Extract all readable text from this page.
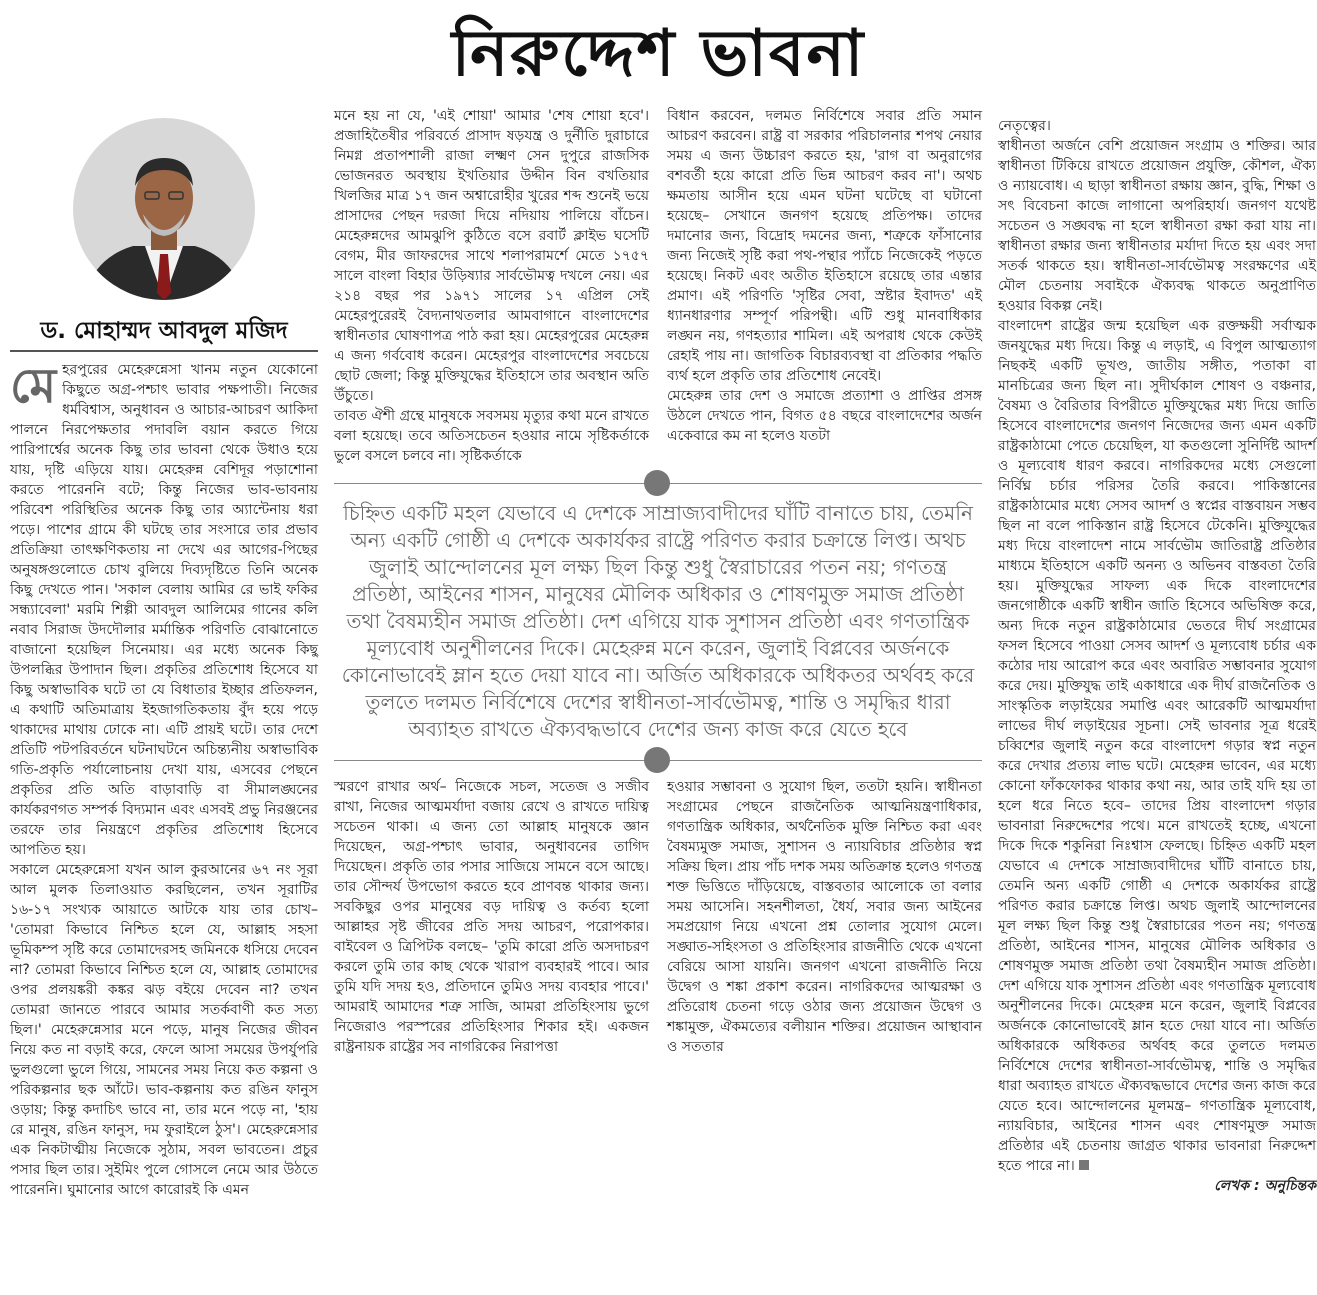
নিরুদ্দেশ ভাবনা
ড. মোহাম্মদ আবদুল মজিদ

মেহরপুরের মেহেরুন্নেসা খানম নতুন যেকোনো কিছুতে অগ্র-পশ্চাৎ ভাবার পক্ষপাতী। নিজের ধর্মবিশ্বাস, অনুধাবন ও আচার-আচরণ আকিদা পালনে নিরপেক্ষতার পদাবলি বয়ান করতে গিয়ে পারিপার্শ্বের অনেক কিছু তার ভাবনা থেকে উধাও হয়ে যায়, দৃষ্টি এড়িয়ে যায়। মেহেরুন্ন বেশিদূর পড়াশোনা করতে পারেননি বটে; কিন্তু নিজের ভাব-ভাবনায় পরিবেশ পরিস্থিতির অনেক কিছু তার অ্যান্টেনায় ধরা পড়ে। পাশের গ্রামে কী ঘটছে তার সংসারে তার প্রভাব প্রতিক্রিয়া তাৎক্ষণিকতায় না দেখে এর আগের-পিছের অনুষঙ্গগুলোতে চোখ বুলিয়ে দিব্যদৃষ্টিতে তিনি অনেক কিছু দেখতে পান। 'সকাল বেলায় আমির রে ভাই ফকির সন্ধ্যাবেলা' মরমি শিল্পী আবদুল আলিমের গানের কলি নবাব সিরাজ উদদৌলার মর্মান্তিক পরিণতি বোঝানোতে বাজানো হয়েছিল সিনেমায়। এর মধ্যে অনেক কিছু উপলব্ধির উপাদান ছিল। প্রকৃতির প্রতিশোধ হিসেবে যা কিছু অস্বাভাবিক ঘটে তা যে বিধাতার ইচ্ছার প্রতিফলন, এ কথাটি অতিমাত্রায় ইহজাগতিকতায় বুঁদ হয়ে পড়ে থাকাদের মাথায় ঢোকে না। এটি প্রায়ই ঘটে। তার দেশে প্রতিটি পটপরিবর্তনে ঘটনাঘটনে অচিন্ত্যনীয় অস্বাভাবিক গতি-প্রকৃতি পর্যালোচনায় দেখা যায়, এসবের পেছনে প্রকৃতির প্রতি অতি বাড়াবাড়ি বা সীমালঙ্ঘনের কার্যকরণগত সম্পর্ক বিদ্যমান এবং এসবই প্রভু নিরঞ্জনের তরফে তার নিয়ন্ত্রণে প্রকৃতির প্রতিশোধ হিসেবে আপতিত হয়।

সকালে মেহেরুন্নেসা যখন আল কুরআনের ৬৭ নং সূরা আল মুলক তিলাওয়াত করছিলেন, তখন সূরাটির ১৬-১৭ সংখ্যক আয়াতে আটকে যায় তার চোখ– 'তোমরা কিভাবে নিশ্চিত হলে যে, আল্লাহ সহসা ভূমিকম্প সৃষ্টি করে তোমাদেরসহ জমিনকে ধসিয়ে দেবেন না? তোমরা কিভাবে নিশ্চিত হলে যে, আল্লাহ তোমাদের ওপর প্রলয়ঙ্করী কঙ্কর ঝড় বইয়ে দেবেন না? তখন তোমরা জানতে পারবে আমার সতর্কবাণী কত সত্য ছিল।' মেহেরুন্নেসার মনে পড়ে, মানুষ নিজের জীবন নিয়ে কত না বড়াই করে, ফেলে আসা সময়ের উপর্যুপরি ভুলগুলো ভুলে গিয়ে, সামনের সময় নিয়ে কত কল্পনা ও পরিকল্পনার ছক আঁটে। ভাব-কল্পনায় কত রঙিন ফানুস ওড়ায়; কিন্তু কদাচিৎ ভাবে না, তার মনে পড়ে না, 'হায় রে মানুষ, রঙিন ফানুস, দম ফুরাইলে ঠুস'। মেহেরুন্নেসার এক নিকটাত্মীয় নিজেকে সুঠাম, সবল ভাবতেন। প্রচুর পসার ছিল তার। সুইমিং পুলে গোসলে নেমে আর উঠতে পারেননি। ঘুমানোর আগে কারোরই কি এমন

মনে হয় না যে, 'এই শোয়া' আমার 'শেষ শোয়া হবে'। প্রজাহিতৈষীর পরিবর্তে প্রাসাদ ষড়যন্ত্র ও দুর্নীতি দুরাচারে নিমগ্ন প্রতাপশালী রাজা লক্ষ্মণ সেন দুপুরে রাজসিক ভোজনরত অবস্থায় ইখতিয়ার উদ্দীন বিন বখতিয়ার খিলজির মাত্র ১৭ জন অশ্বারোহীর খুরের শব্দ শুনেই ভয়ে প্রাসাদের পেছন দরজা দিয়ে নদিয়ায় পালিয়ে বাঁচেন। মেহেরুন্নদের আমঝুপি কুঠিতে বসে রবার্ট ক্লাইভ ঘসেটি বেগম, মীর জাফরদের সাথে শলাপরামর্শে মেতে ১৭৫৭ সালে বাংলা বিহার উড়িষ্যার সার্বভৌমত্ব দখলে নেয়। এর ২১৪ বছর পর ১৯৭১ সালের ১৭ এপ্রিল সেই মেহেরপুরেরই বৈদ্যনাথতলার আমবাগানে বাংলাদেশের স্বাধীনতার ঘোষণাপত্র পাঠ করা হয়। মেহেরপুরের মেহেরুন্ন এ জন্য গর্ববোধ করেন। মেহেরপুর বাংলাদেশের সবচেয়ে ছোট জেলা; কিন্তু মুক্তিযুদ্ধের ইতিহাসে তার অবস্থান অতি উঁচুতে।

তাবত ঐশী গ্রন্থে মানুষকে সবসময় মৃত্যুর কথা মনে রাখতে বলা হয়েছে। তবে অতিসচেতন হওয়ার নামে সৃষ্টিকর্তাকে ভুলে বসলে চলবে না। সৃষ্টিকর্তাকে

বিধান করবেন, দলমত নির্বিশেষে সবার প্রতি সমান আচরণ করবেন। রাষ্ট্র বা সরকার পরিচালনার শপথ নেয়ার সময় এ জন্য উচ্চারণ করতে হয়, 'রাগ বা অনুরাগের বশবর্তী হয়ে কারো প্রতি ভিন্ন আচরণ করব না'। অথচ ক্ষমতায় আসীন হয়ে এমন ঘটনা ঘটেছে বা ঘটানো হয়েছে– সেখানে জনগণ হয়েছে প্রতিপক্ষ। তাদের দমানোর জন্য, বিদ্রোহ দমনের জন্য, শত্রুকে ফাঁসানোর জন্য নিজেই সৃষ্টি করা পথ-পন্থার প্যাঁচে নিজেকেই পড়তে হয়েছে। নিকট এবং অতীত ইতিহাসে রয়েছে তার এন্তার প্রমাণ। এই পরিণতি 'সৃষ্টির সেবা, স্রষ্টার ইবাদত' এই ধ্যানধারণার সম্পূর্ণ পরিপন্থী। এটি শুধু মানবাধিকার লঙ্ঘন নয়, গণহত্যার শামিল। এই অপরাধ থেকে কেউই রেহাই পায় না। জাগতিক বিচারব্যবস্থা বা প্রতিকার পদ্ধতি ব্যর্থ হলে প্রকৃতি তার প্রতিশোধ নেবেই।

মেহেরুন্ন তার দেশ ও সমাজে প্রত্যাশা ও প্রাপ্তির প্রসঙ্গ উঠলে দেখতে পান, বিগত ৫৪ বছরে বাংলাদেশের অর্জন একেবারে কম না হলেও যতটা

চিহ্নিত একটি মহল যেভাবে এ দেশকে সাম্রাজ্যবাদীদের ঘাঁটি বানাতে চায়, তেমনি অন্য একটি গোষ্ঠী এ দেশকে অকার্যকর রাষ্ট্রে পরিণত করার চক্রান্তে লিপ্ত। অথচ জুলাই আন্দোলনের মূল লক্ষ্য ছিল কিন্তু শুধু স্বৈরাচারের পতন নয়; গণতন্ত্র প্রতিষ্ঠা, আইনের শাসন, মানুষের মৌলিক অধিকার ও শোষণমুক্ত সমাজ প্রতিষ্ঠা তথা বৈষম্যহীন সমাজ প্রতিষ্ঠা। দেশ এগিয়ে যাক সুশাসন প্রতিষ্ঠা এবং গণতান্ত্রিক মূল্যবোধ অনুশীলনের দিকে। মেহেরুন্ন মনে করেন, জুলাই বিপ্লবের অর্জনকে কোনোভাবেই ম্লান হতে দেয়া যাবে না। অর্জিত অধিকারকে অধিকতর অর্থবহ করে তুলতে দলমত নির্বিশেষে দেশের স্বাধীনতা-সার্বভৌমত্ব, শান্তি ও সমৃদ্ধির ধারা অব্যাহত রাখতে ঐক্যবদ্ধভাবে দেশের জন্য কাজ করে যেতে হবে

স্মরণে রাখার অর্থ– নিজেকে সচল, সতেজ ও সজীব রাখা, নিজের আত্মমর্যাদা বজায় রেখে ও রাখতে দায়িত্ব সচেতন থাকা। এ জন্য তো আল্লাহ মানুষকে জ্ঞান দিয়েছেন, অগ্র-পশ্চাৎ ভাবার, অনুধাবনের তাগিদ দিয়েছেন। প্রকৃতি তার পসার সাজিয়ে সামনে বসে আছে। তার সৌন্দর্য উপভোগ করতে হবে প্রাণবন্ত থাকার জন্য। সবকিছুর ওপর মানুষের বড় দায়িত্ব ও কর্তব্য হলো আল্লাহর সৃষ্ট জীবের প্রতি সদয় আচরণ, পরোপকার। বাইবেল ও ত্রিপিটক বলছে– 'তুমি কারো প্রতি অসদাচরণ করলে তুমি তার কাছ থেকে খারাপ ব্যবহারই পাবে। আর তুমি যদি সদয় হও, প্রতিদানে তুমিও সদয় ব্যবহার পাবে।' আমরাই আমাদের শত্রু সাজি, আমরা প্রতিহিংসায় ভুগে নিজেরাও পরস্পরের প্রতিহিংসার শিকার হই। একজন রাষ্ট্রনায়ক রাষ্ট্রের সব নাগরিকের নিরাপত্তা

হওয়ার সম্ভাবনা ও সুযোগ ছিল, ততটা হয়নি। স্বাধীনতা সংগ্রামের পেছনে রাজনৈতিক আত্মনিয়ন্ত্রণাধিকার, গণতান্ত্রিক অধিকার, অর্থনৈতিক মুক্তি নিশ্চিত করা এবং বৈষম্যমুক্ত সমাজ, সুশাসন ও ন্যায়বিচার প্রতিষ্ঠার স্বপ্ন সক্রিয় ছিল। প্রায় পাঁচ দশক সময় অতিক্রান্ত হলেও গণতন্ত্র শক্ত ভিত্তিতে দাঁড়িয়েছে, বাস্তবতার আলোকে তা বলার সময় আসেনি। সহনশীলতা, ধৈর্য, সবার জন্য আইনের সমপ্রয়োগ নিয়ে এখনো প্রশ্ন তোলার সুযোগ মেলে। সঙ্ঘাত-সহিংসতা ও প্রতিহিংসার রাজনীতি থেকে এখনো বেরিয়ে আসা যায়নি। জনগণ এখনো রাজনীতি নিয়ে উদ্বেগ ও শঙ্কা প্রকাশ করেন। নাগরিকদের আত্মরক্ষা ও প্রতিরোধ চেতনা গড়ে ওঠার জন্য প্রয়োজন উদ্বেগ ও শঙ্কামুক্ত, ঐকমত্যের বলীয়ান শক্তির। প্রয়োজন আস্থাবান ও সততার

নেতৃত্বের।

স্বাধীনতা অর্জনে বেশি প্রয়োজন সংগ্রাম ও শক্তির। আর স্বাধীনতা টিকিয়ে রাখতে প্রয়োজন প্রযুক্তি, কৌশল, ঐক্য ও ন্যায়বোধ। এ ছাড়া স্বাধীনতা রক্ষায় জ্ঞান, বুদ্ধি, শিক্ষা ও সৎ বিবেচনা কাজে লাগানো অপরিহার্য। জনগণ যথেষ্ট সচেতন ও সঙ্ঘবদ্ধ না হলে স্বাধীনতা রক্ষা করা যায় না। স্বাধীনতা রক্ষার জন্য স্বাধীনতার মর্যাদা দিতে হয় এবং সদা সতর্ক থাকতে হয়। স্বাধীনতা-সার্বভৌমত্ব সংরক্ষণের এই মৌল চেতনায় সবাইকে ঐক্যবদ্ধ থাকতে অনুপ্রাণিত হওয়ার বিকল্প নেই।

বাংলাদেশ রাষ্ট্রের জন্ম হয়েছিল এক রক্তক্ষয়ী সর্বাত্মক জনযুদ্ধের মধ্য দিয়ে। কিন্তু এ লড়াই, এ বিপুল আত্মত্যাগ নিছকই একটি ভূখণ্ড, জাতীয় সঙ্গীত, পতাকা বা মানচিত্রের জন্য ছিল না। সুদীর্ঘকাল শোষণ ও বঞ্চনার, বৈষম্য ও বৈরিতার বিপরীতে মুক্তিযুদ্ধের মধ্য দিয়ে জাতি হিসেবে বাংলাদেশের জনগণ নিজেদের জন্য এমন একটি রাষ্ট্রকাঠামো পেতে চেয়েছিল, যা কতগুলো সুনির্দিষ্ট আদর্শ ও মূল্যবোধ ধারণ করবে। নাগরিকদের মধ্যে সেগুলো নির্বিঘ্ন চর্চার পরিসর তৈরি করবে। পাকিস্তানের রাষ্ট্রকাঠামোর মধ্যে সেসব আদর্শ ও স্বপ্নের বাস্তবায়ন সম্ভব ছিল না বলে পাকিস্তান রাষ্ট্র হিসেবে টেকেনি। মুক্তিযুদ্ধের মধ্য দিয়ে বাংলাদেশ নামে সার্বভৌম জাতিরাষ্ট্র প্রতিষ্ঠার মাধ্যমে ইতিহাসে একটি অনন্য ও অভিনব বাস্তবতা তৈরি হয়। মুক্তিযুদ্ধের সাফল্য এক দিকে বাংলাদেশের জনগোষ্ঠীকে একটি স্বাধীন জাতি হিসেবে অভিষিক্ত করে, অন্য দিকে নতুন রাষ্ট্রকাঠামোর ভেতরে দীর্ঘ সংগ্রামের ফসল হিসেবে পাওয়া সেসব আদর্শ ও মূল্যবোধ চর্চার এক কঠোর দায় আরোপ করে এবং অবারিত সম্ভাবনার সুযোগ করে দেয়। মুক্তিযুদ্ধ তাই একাধারে এক দীর্ঘ রাজনৈতিক ও সাংস্কৃতিক লড়াইয়ের সমাপ্তি এবং আরেকটি আত্মমর্যাদা লাভের দীর্ঘ লড়াইয়ের সূচনা। সেই ভাবনার সূত্র ধরেই চব্বিশের জুলাই নতুন করে বাংলাদেশ গড়ার স্বপ্ন নতুন করে দেখার প্রত্যয় লাভ ঘটে। মেহেরুন্ন ভাবেন, এর মধ্যে কোনো ফাঁকফোকর থাকার কথা নয়, আর তাই যদি হয় তা হলে ধরে নিতে হবে– তাদের প্রিয় বাংলাদেশ গড়ার ভাবনারা নিরুদ্দেশের পথে। মনে রাখতেই হচ্ছে, এখনো দিকে দিকে শকুনিরা নিঃশ্বাস ফেলছে। চিহ্নিত একটি মহল যেভাবে এ দেশকে সাম্রাজ্যবাদীদের ঘাঁটি বানাতে চায়, তেমনি অন্য একটি গোষ্ঠী এ দেশকে অকার্যকর রাষ্ট্রে পরিণত করার চক্রান্তে লিপ্ত। অথচ জুলাই আন্দোলনের মূল লক্ষ্য ছিল কিন্তু শুধু স্বৈরাচারের পতন নয়; গণতন্ত্র প্রতিষ্ঠা, আইনের শাসন, মানুষের মৌলিক অধিকার ও শোষণমুক্ত সমাজ প্রতিষ্ঠা তথা বৈষম্যহীন সমাজ প্রতিষ্ঠা। দেশ এগিয়ে যাক সুশাসন প্রতিষ্ঠা এবং গণতান্ত্রিক মূল্যবোধ অনুশীলনের দিকে। মেহেরুন্ন মনে করেন, জুলাই বিপ্লবের অর্জনকে কোনোভাবেই ম্লান হতে দেয়া যাবে না। অর্জিত অধিকারকে অধিকতর অর্থবহ করে তুলতে দলমত নির্বিশেষে দেশের স্বাধীনতা-সার্বভৌমত্ব, শান্তি ও সমৃদ্ধির ধারা অব্যাহত রাখতে ঐক্যবদ্ধভাবে দেশের জন্য কাজ করে যেতে হবে। আন্দোলনের মূলমন্ত্র– গণতান্ত্রিক মূল্যবোধ, ন্যায়বিচার, আইনের শাসন এবং শোষণমুক্ত সমাজ প্রতিষ্ঠার এই চেতনায় জাগ্রত থাকার ভাবনারা নিরুদ্দেশ হতে পারে না।

লেখক : অনুচিন্তক
